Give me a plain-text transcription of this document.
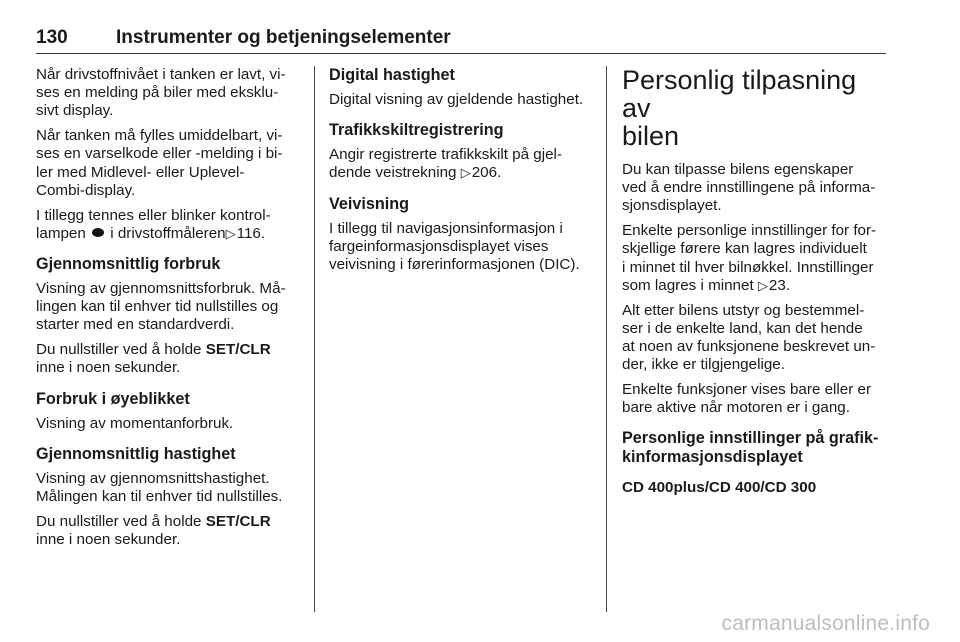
130	Instrumenter og betjeningselementer

Når drivstoffnivået i tanken er lavt, vi-
ses en melding på biler med eksklu-
sivt display.

Når tanken må fylles umiddelbart, vi-
ses en varselkode eller -melding i bi-
ler med Midlevel- eller Uplevel-
Combi-display.

I tillegg tennes eller blinker kontrol-
lampen  i drivstoffmåleren▷116.

Gjennomsnittlig forbruk

Visning av gjennomsnittsforbruk. Må-
lingen kan til enhver tid nullstilles og
starter med en standardverdi.

Du nullstiller ved å holde SET/CLR
inne i noen sekunder.

Forbruk i øyeblikket

Visning av momentanforbruk.

Gjennomsnittlig hastighet

Visning av gjennomsnittshastighet.
Målingen kan til enhver tid nullstilles.

Du nullstiller ved å holde SET/CLR
inne i noen sekunder.

Digital hastighet

Digital visning av gjeldende hastighet.

Trafikkskiltregistrering

Angir registrerte trafikkskilt på gjel-
dende veistrekning ▷206.

Veivisning

I tillegg til navigasjonsinformasjon i
fargeinformasjonsdisplayet vises
veivisning i førerinformasjonen (DIC).

Personlig tilpasning av
bilen

Du kan tilpasse bilens egenskaper
ved å endre innstillingene på informa-
sjonsdisplayet.

Enkelte personlige innstillinger for for-
skjellige førere kan lagres individuelt
i minnet til hver bilnøkkel. Innstillinger
som lagres i minnet ▷23.

Alt etter bilens utstyr og bestemmel-
ser i de enkelte land, kan det hende
at noen av funksjonene beskrevet un-
der, ikke er tilgjengelige.

Enkelte funksjoner vises bare eller er
bare aktive når motoren er i gang.

Personlige innstillinger på grafik-
kinformasjonsdisplayet
CD 400plus/CD 400/CD 300
carmanualsonline.info
